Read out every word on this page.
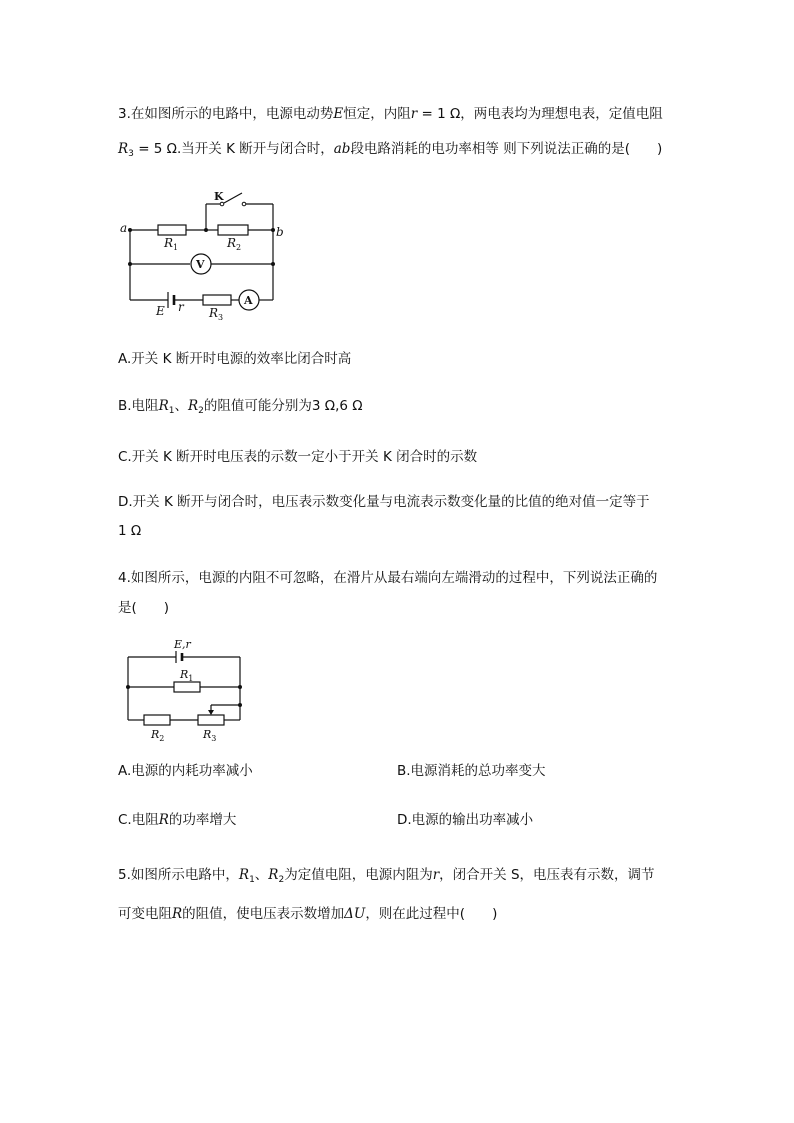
3.在如图所示的电路中，电源电动势E恒定，内阻r = 1 Ω，两电表均为理想电表，定值电阻
$R_3 = 5$ Ω.当开关 K 断开与闭合时，ab段电路消耗的电功率相等 则下列说法正确的是(　　)
a	b
$R_1$	$R_2$
$R_3$
E r
K
V
A
A.开关 K 断开时电源的效率比闭合时高
B.电阻$R_1$、$R_2$的阻值可能分别为3 Ω,6 Ω
C.开关 K 断开时电压表的示数一定小于开关 K 闭合时的示数
D.开关 K 断开与闭合时，电压表示数变化量与电流表示数变化量的比值的绝对值一定等于
1 Ω
4.如图所示，电源的内阻不可忽略，在滑片从最右端向左端滑动的过程中，下列说法正确的
是(　　)
E,r
$R_1$
$R_2$	$R_3$
A.电源的内耗功率减小	B.电源消耗的总功率变大
C.电阻R的功率增大	D.电源的输出功率减小
5.如图所示电路中，$R_1$、$R_2$为定值电阻，电源内阻为r，闭合开关 S，电压表有示数，调节
可变电阻R的阻值，使电压表示数增加ΔU，则在此过程中(　　)
